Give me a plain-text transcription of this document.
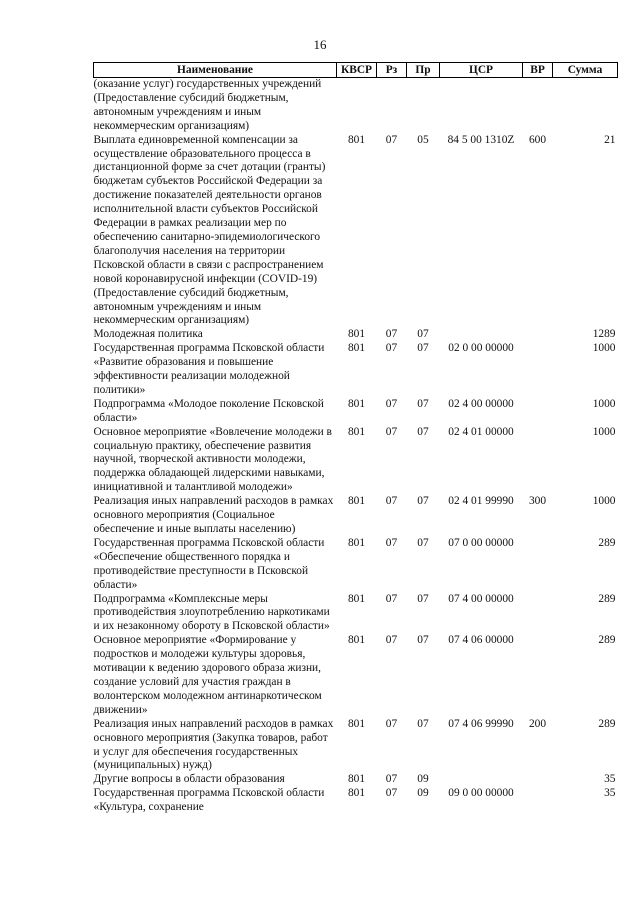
16
Наименование	КВСР	Рз	Пр	ЦСР	ВР	Сумма
(оказание услуг) государственных учреждений (Предоставление субсидий бюджетным, автономным учреждениям и иным некоммерческим организациям)						
Выплата единовременной компенсации за осуществление образовательного процесса в дистанционной форме за счет дотации (гранты) бюджетам субъектов Российской Федерации за достижение показателей деятельности органов исполнительной власти субъектов Российской Федерации в рамках реализации мер по обеспечению санитарно-эпидемиологического благополучия населения на территории Псковской области в связи с распространением новой коронавирусной инфекции (COVID-19) (Предоставление субсидий бюджетным, автономным учреждениям и иным некоммерческим организациям)	801	07	05	84 5 00 1310Z	600	21
Молодежная политика	801	07	07			1289
Государственная программа Псковской области «Развитие образования и повышение эффективности реализации молодежной политики»	801	07	07	02 0 00 00000		1000
Подпрограмма «Молодое поколение Псковской области»	801	07	07	02 4 00 00000		1000
Основное мероприятие «Вовлечение молодежи в социальную практику, обеспечение развития научной, творческой активности молодежи, поддержка обладающей лидерскими навыками, инициативной и талантливой молодежи»	801	07	07	02 4 01 00000		1000
Реализация иных направлений расходов в рамках основного мероприятия (Социальное обеспечение и иные выплаты населению)	801	07	07	02 4 01 99990	300	1000
Государственная программа Псковской области «Обеспечение общественного порядка и противодействие преступности в Псковской области»	801	07	07	07 0 00 00000		289
Подпрограмма «Комплексные меры противодействия злоупотреблению наркотиками и их незаконному обороту в Псковской области»	801	07	07	07 4 00 00000		289
Основное мероприятие «Формирование у подростков и молодежи культуры здоровья, мотивации к ведению здорового образа жизни, создание условий для участия граждан в волонтерском молодежном антинаркотическом движении»	801	07	07	07 4 06 00000		289
Реализация иных направлений расходов в рамках основного мероприятия (Закупка товаров, работ и услуг для обеспечения государственных (муниципальных) нужд)	801	07	07	07 4 06 99990	200	289
Другие вопросы в области образования	801	07	09			35
Государственная программа Псковской области «Культура, сохранение	801	07	09	09 0 00 00000		35
